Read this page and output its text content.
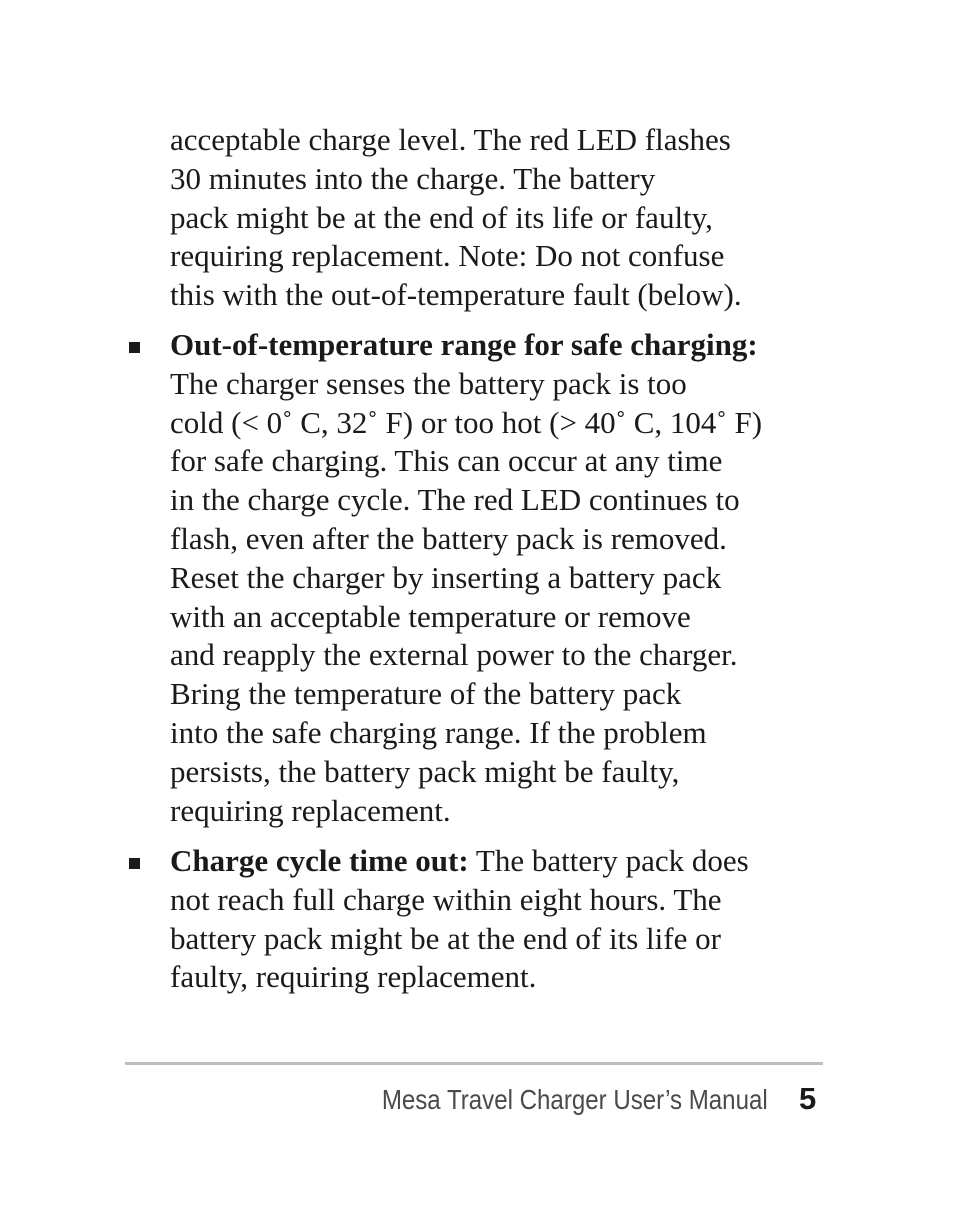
acceptable charge level. The red LED flashes
30 minutes into the charge. The battery
pack might be at the end of its life or faulty,
requiring replacement. Note: Do not confuse
this with the out-of-temperature fault (below).
Out-of-temperature range for safe charging:
The charger senses the battery pack is too
cold (< 0˚ C, 32˚ F) or too hot (> 40˚ C, 104˚ F)
for safe charging. This can occur at any time
in the charge cycle. The red LED continues to
flash, even after the battery pack is removed.
Reset the charger by inserting a battery pack
with an acceptable temperature or remove
and reapply the external power to the charger.
Bring the temperature of the battery pack
into the safe charging range. If the problem
persists, the battery pack might be faulty,
requiring replacement.
Charge cycle time out: The battery pack does
not reach full charge within eight hours. The
battery pack might be at the end of its life or
faulty, requiring replacement.
Mesa Travel Charger User’s Manual 5
